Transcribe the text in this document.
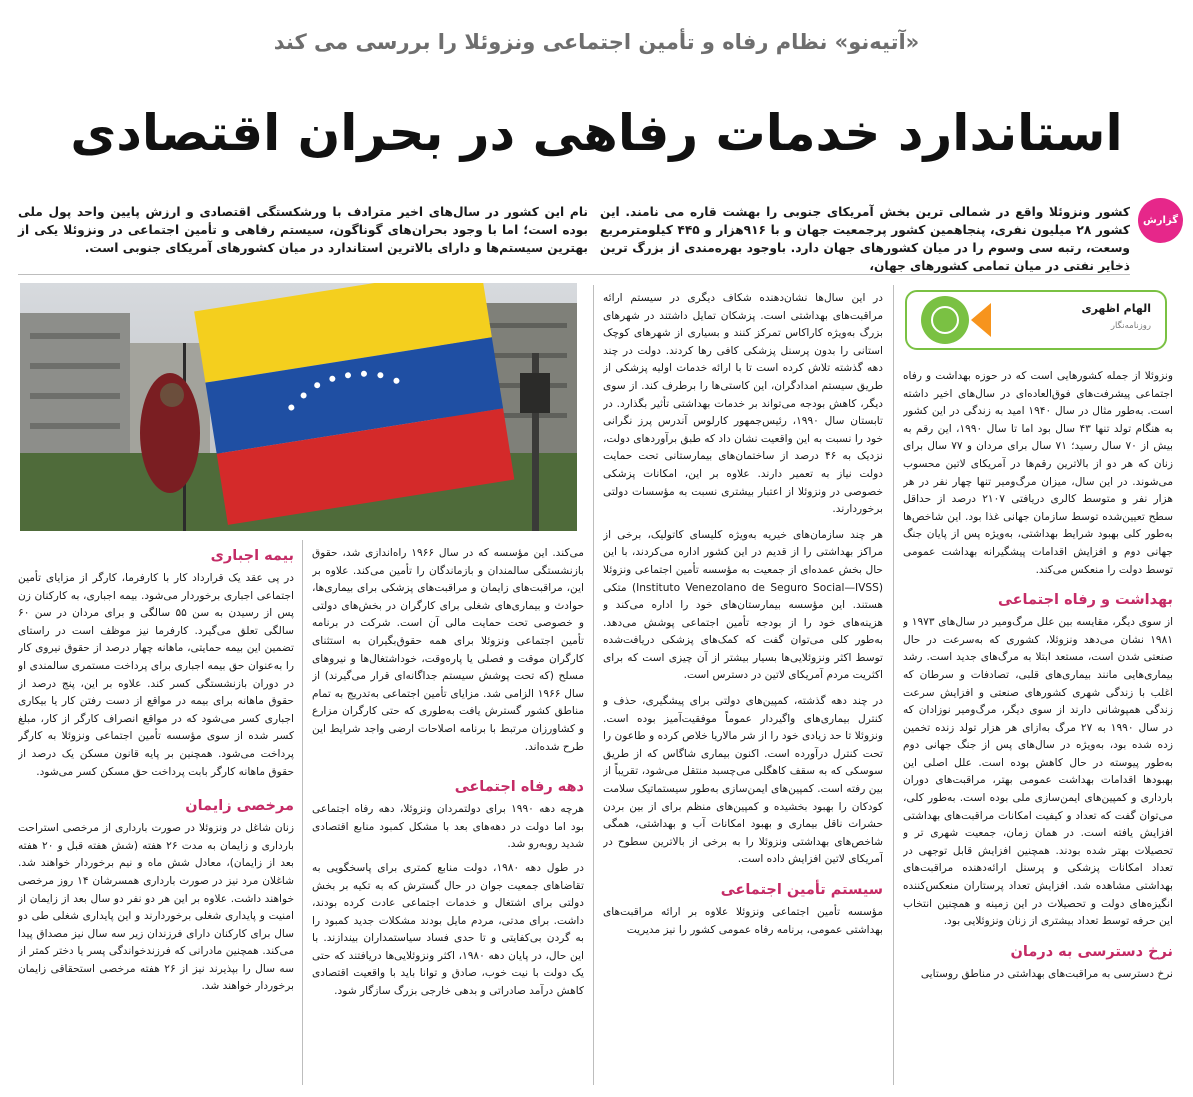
«آتیه‌نو» نظام رفاه و تأمین اجتماعی ونزوئلا را بررسی می کند
استاندارد خدمات رفاهی در بحران اقتصادی
گزارش
کشور ونزوئلا واقع در شمالی ترین بخش آمریکای جنوبی را بهشت قاره می نامند. این کشور ۲۸ میلیون نفری، پنجاهمین کشور پرجمعیت جهان و با ۹۱۶هزار و ۴۴۵ کیلومترمربع وسعت، رتبه سی وسوم را در میان کشورهای جهان دارد. باوجود بهره‌مندی از بزرگ ترین ذخایر نفتی در میان تمامی کشورهای جهان،
نام این کشور در سال‌های اخیر مترادف با ورشکستگی اقتصادی و ارزش پایین واحد پول ملی بوده است؛ اما با وجود بحران‌های گوناگون، سیستم رفاهی و تأمین اجتماعی در ونزوئلا یکی از بهترین سیستم‌ها و دارای بالاترین استاندارد در میان کشورهای آمریکای جنوبی است.
الهام اظهری
روزنامه‌نگار

ونزوئلا از جمله کشورهایی است که در حوزه بهداشت و رفاه اجتماعی پیشرفت‌های فوق‌العاده‌ای در سال‌های اخیر داشته است. به‌طور مثال در سال ۱۹۴۰ امید به زندگی در این کشور به هنگام تولد تنها ۴۳ سال بود اما تا سال ۱۹۹۰، این رقم به بیش از ۷۰ سال رسید؛ ۷۱ سال برای مردان و ۷۷ سال برای زنان که هر دو از بالاترین رقم‌ها در آمریکای لاتین محسوب می‌شوند. در این سال، میزان مرگ‌ومیر تنها چهار نفر در هر هزار نفر و متوسط کالری دریافتی ۲۱۰۷ درصد از حداقل سطح تعیین‌شده توسط سازمان جهانی غذا بود. این شاخص‌ها به‌طور کلی بهبود شرایط بهداشتی، به‌ویژه پس از پایان جنگ جهانی دوم و افزایش اقدامات پیشگیرانه بهداشت عمومی توسط دولت را منعکس می‌کند.

بهداشت و رفاه اجتماعی

از سوی دیگر، مقایسه بین علل مرگ‌ومیر در سال‌های ۱۹۷۳ و ۱۹۸۱ نشان می‌دهد ونزوئلا، کشوری که به‌سرعت در حال صنعتی شدن است، مستعد ابتلا به مرگ‌های جدید است. رشد بیماری‌هایی مانند بیماری‌های قلبی، تصادفات و سرطان که اغلب با زندگی شهری کشورهای صنعتی و افزایش سرعت زندگی همپوشانی دارند از سوی دیگر، مرگ‌ومیر نوزادان که در سال ۱۹۹۰ به ۲۷ مرگ به‌ازای هر هزار تولد زنده تخمین زده شده بود، به‌ویژه در سال‌های پس از جنگ جهانی دوم به‌طور پیوسته در حال کاهش بوده است. علل اصلی این بهبودها اقدامات بهداشت عمومی بهتر، مراقبت‌های دوران بارداری و کمپین‌های ایمن‌سازی ملی بوده است. به‌طور کلی، می‌توان گفت که تعداد و کیفیت امکانات مراقبت‌های بهداشتی افزایش یافته است. در همان زمان، جمعیت شهری تر و تحصیلات بهتر شده بودند. همچنین افزایش قابل توجهی در تعداد امکانات پزشکی و پرسنل ارائه‌دهنده مراقبت‌های بهداشتی مشاهده شد. افزایش تعداد پرستاران منعکس‌کننده انگیزه‌های دولت و تحصیلات در این زمینه و همچنین انتخاب این حرفه توسط تعداد بیشتری از زنان ونزوئلایی بود.

نرخ دسترسی به درمان

نرخ دسترسی به مراقبت‌های بهداشتی در مناطق روستایی

در این سال‌ها نشان‌دهنده شکاف دیگری در سیستم ارائه مراقبت‌های بهداشتی است. پزشکان تمایل داشتند در شهرهای بزرگ به‌ویژه کاراکاس تمرکز کنند و بسیاری از شهرهای کوچک استانی را بدون پرسنل پزشکی کافی رها کردند. دولت در چند دهه گذشته تلاش کرده است تا با ارائه خدمات اولیه پزشکی از طریق سیستم امدادگران، این کاستی‌ها را برطرف کند. از سوی دیگر، کاهش بودجه می‌تواند بر خدمات بهداشتی تأثیر بگذارد. در تابستان سال ۱۹۹۰، رئیس‌جمهور کارلوس آندرس پرز نگرانی خود را نسبت به این واقعیت نشان داد که طبق برآوردهای دولت، نزدیک به ۴۶ درصد از ساختمان‌های بیمارستانی تحت حمایت دولت نیاز به تعمیر دارند. علاوه بر این، امکانات پزشکی خصوصی در ونزوئلا از اعتبار بیشتری نسبت به مؤسسات دولتی برخوردارند.

هر چند سازمان‌های خیریه به‌ویژه کلیسای کاتولیک، برخی از مراکز بهداشتی را از قدیم در این کشور اداره می‌کردند، با این حال بخش عمده‌ای از جمعیت به مؤسسه تأمین اجتماعی ونزوئلا (Instituto Venezolano de Seguro Social—IVSS) متکی هستند. این مؤسسه بیمارستان‌های خود را اداره می‌کند و هزینه‌های خود را از بودجه تأمین اجتماعی پوشش می‌دهد. به‌طور کلی می‌توان گفت که کمک‌های پزشکی دریافت‌شده توسط اکثر ونزوئلایی‌ها بسیار بیشتر از آن چیزی است که برای اکثریت مردم آمریکای لاتین در دسترس است.

در چند دهه گذشته، کمپین‌های دولتی برای پیشگیری، حذف و کنترل بیماری‌های واگیردار عموماً موفقیت‌آمیز بوده است. ونزوئلا تا حد زیادی خود را از شر مالاریا خلاص کرده و طاعون را تحت کنترل درآورده است. اکنون بیماری شاگاس که از طریق سوسکی که به سقف کاهگلی می‌چسبد منتقل می‌شود، تقریباً از بین رفته است. کمپین‌های ایمن‌سازی به‌طور سیستماتیک سلامت کودکان را بهبود بخشیده و کمپین‌های منظم برای از بین بردن حشرات ناقل بیماری و بهبود امکانات آب و بهداشتی، همگی شاخص‌های بهداشتی ونزوئلا را به برخی از بالاترین سطوح در آمریکای لاتین افزایش داده است.

سیستم تأمین اجتماعی

مؤسسه تأمین اجتماعی ونزوئلا علاوه بر ارائه مراقبت‌های بهداشتی عمومی، برنامه رفاه عمومی کشور را نیز مدیریت

می‌کند. این مؤسسه که در سال ۱۹۶۶ راه‌اندازی شد، حقوق بازنشستگی سالمندان و بازماندگان را تأمین می‌کند. علاوه بر این، مراقبت‌های زایمان و مراقبت‌های پزشکی برای بیماری‌ها، حوادث و بیماری‌های شغلی برای کارگران در بخش‌های دولتی و خصوصی تحت حمایت مالی آن است. شرکت در برنامه تأمین اجتماعی ونزوئلا برای همه حقوق‌بگیران به استثنای کارگران موقت و فصلی یا پاره‌وقت، خوداشتغال‌ها و نیروهای مسلح (که تحت پوشش سیستم جداگانه‌ای قرار می‌گیرند) از سال ۱۹۶۶ الزامی شد. مزایای تأمین اجتماعی به‌تدریج به تمام مناطق کشور گسترش یافت به‌طوری که حتی کارگران مزارع و کشاورزان مرتبط با برنامه اصلاحات ارضی واجد شرایط این طرح شده‌اند.

دهه رفاه اجتماعی

هرچه دهه ۱۹۹۰ برای دولتمردان ونزوئلا، دهه رفاه اجتماعی بود اما دولت در دهه‌های بعد با مشکل کمبود منابع اقتصادی شدید روبه‌رو شد.

در طول دهه ۱۹۸۰، دولت منابع کمتری برای پاسخگویی به تقاضاهای جمعیت جوان در حال گسترش که به تکیه بر بخش دولتی برای اشتغال و خدمات اجتماعی عادت کرده بودند، داشت. برای مدتی، مردم مایل بودند مشکلات جدید کمبود را به گردن بی‌کفایتی و تا حدی فساد سیاستمداران بیندازند. با این حال، در پایان دهه ۱۹۸۰، اکثر ونزوئلایی‌ها دریافتند که حتی یک دولت با نیت خوب، صادق و توانا باید با واقعیت اقتصادی کاهش درآمد صادراتی و بدهی خارجی بزرگ سازگار شود.

بیمه اجباری

در پی عقد یک قرارداد کار با کارفرما، کارگر از مزایای تأمین اجتماعی اجباری برخوردار می‌شود. بیمه اجباری، به کارکنان زن پس از رسیدن به سن ۵۵ سالگی و برای مردان در سن ۶۰ سالگی تعلق می‌گیرد. کارفرما نیز موظف است در راستای تضمین این بیمه حمایتی، ماهانه چهار درصد از حقوق نیروی کار را به‌عنوان حق بیمه اجباری برای پرداخت مستمری سالمندی او در دوران بازنشستگی کسر کند. علاوه بر این، پنج درصد از حقوق ماهانه برای بیمه در مواقع از دست رفتن کار یا بیکاری اجباری کسر می‌شود که در مواقع انصراف کارگر از کار، مبلغ کسر شده از سوی مؤسسه تأمین اجتماعی ونزوئلا به کارگر پرداخت می‌شود. همچنین بر پایه قانون مسکن یک درصد از حقوق ماهانه کارگر بابت پرداخت حق مسکن کسر می‌شود.

مرخصی زایمان

زنان شاغل در ونزوئلا در صورت بارداری از مرخصی استراحت بارداری و زایمان به مدت ۲۶ هفته (شش هفته قبل و ۲۰ هفته بعد از زایمان)، معادل شش ماه و نیم برخوردار خواهند شد. شاغلان مرد نیز در صورت بارداری همسرشان ۱۴ روز مرخصی خواهند داشت. علاوه بر این هر دو نفر دو سال بعد از زایمان از امنیت و پایداری شغلی برخوردارند و این پایداری شغلی طی دو سال برای کارکنان دارای فرزندان زیر سه سال نیز مصداق پیدا می‌کند. همچنین مادرانی که فرزندخواندگی پسر یا دختر کمتر از سه سال را بپذیرند نیز از ۲۶ هفته مرخصی استحقاقی زایمان برخوردار خواهند شد.
